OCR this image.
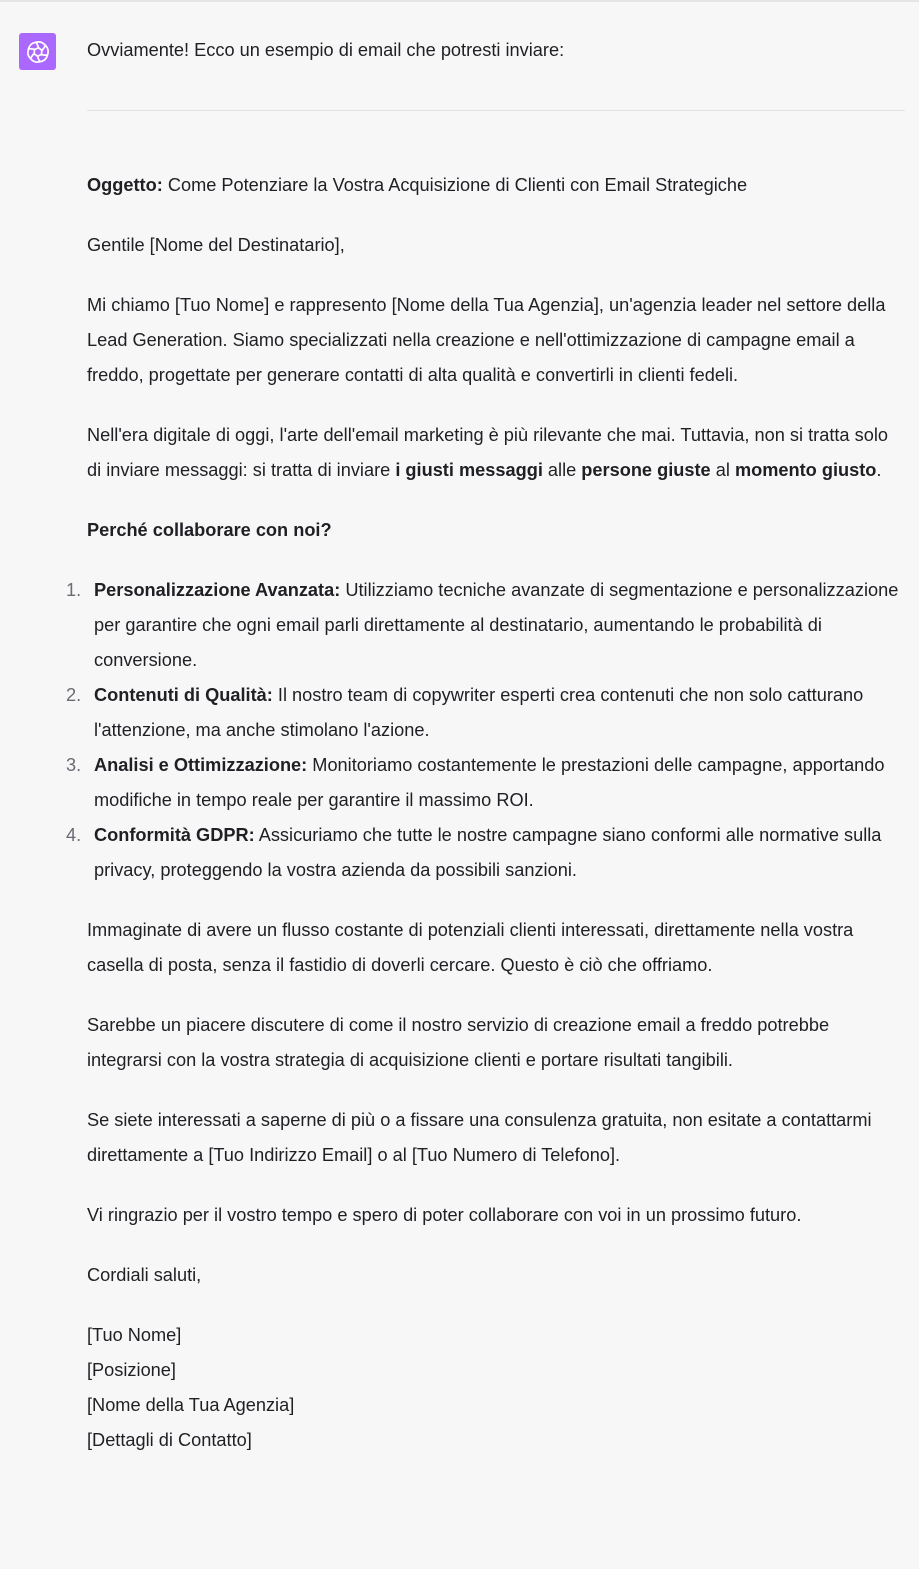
Ovviamente! Ecco un esempio di email che potresti inviare:

Oggetto: Come Potenziare la Vostra Acquisizione di Clienti con Email Strategiche

Gentile [Nome del Destinatario],

Mi chiamo [Tuo Nome] e rappresento [Nome della Tua Agenzia], un'agenzia leader nel settore della Lead Generation. Siamo specializzati nella creazione e nell'ottimizzazione di campagne email a freddo, progettate per generare contatti di alta qualità e convertirli in clienti fedeli.

Nell'era digitale di oggi, l'arte dell'email marketing è più rilevante che mai. Tuttavia, non si tratta solo di inviare messaggi: si tratta di inviare i giusti messaggi alle persone giuste al momento giusto.

Perché collaborare con noi?

1. Personalizzazione Avanzata: Utilizziamo tecniche avanzate di segmentazione e personalizzazione per garantire che ogni email parli direttamente al destinatario, aumentando le probabilità di conversione.
2. Contenuti di Qualità: Il nostro team di copywriter esperti crea contenuti che non solo catturano l'attenzione, ma anche stimolano l'azione.
3. Analisi e Ottimizzazione: Monitoriamo costantemente le prestazioni delle campagne, apportando modifiche in tempo reale per garantire il massimo ROI.
4. Conformità GDPR: Assicuriamo che tutte le nostre campagne siano conformi alle normative sulla privacy, proteggendo la vostra azienda da possibili sanzioni.

Immaginate di avere un flusso costante di potenziali clienti interessati, direttamente nella vostra casella di posta, senza il fastidio di doverli cercare. Questo è ciò che offriamo.

Sarebbe un piacere discutere di come il nostro servizio di creazione email a freddo potrebbe integrarsi con la vostra strategia di acquisizione clienti e portare risultati tangibili.

Se siete interessati a saperne di più o a fissare una consulenza gratuita, non esitate a contattarmi direttamente a [Tuo Indirizzo Email] o al [Tuo Numero di Telefono].

Vi ringrazio per il vostro tempo e spero di poter collaborare con voi in un prossimo futuro.

Cordiali saluti,

[Tuo Nome]
[Posizione]
[Nome della Tua Agenzia]
[Dettagli di Contatto]
